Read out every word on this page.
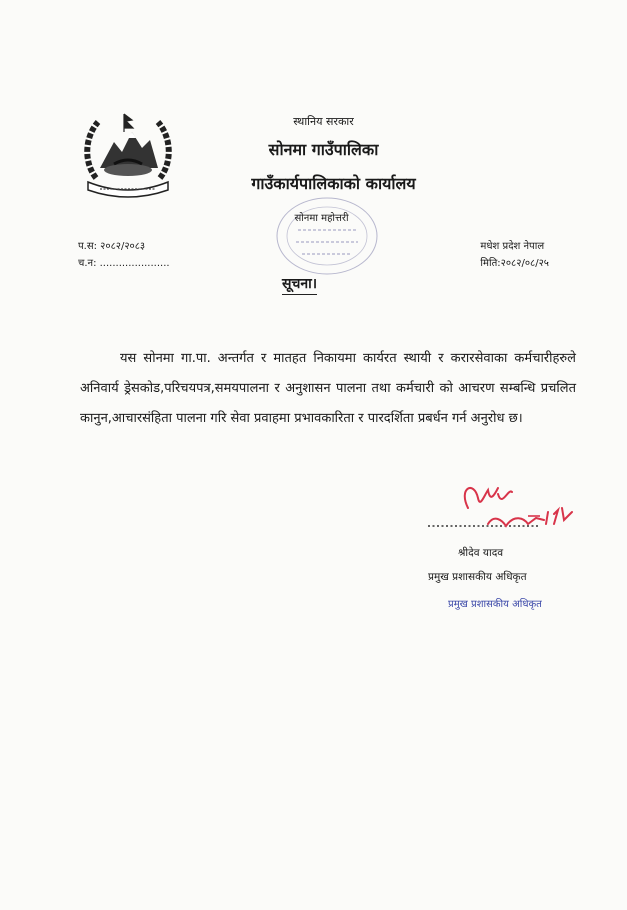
स्थानिय सरकार
सोनमा गाउँपालिका
गाउँकार्यपालिकाको कार्यालय
सोनमा महोत्तरी
प.स: २०८२/२०८३
च.न: ......................
मधेश प्रदेश नेपाल
मिति:२०८२/०८/२५
सूचना।
यस सोनमा गा.पा. अन्तर्गत र मातहत निकायमा कार्यरत स्थायी र करारसेवाका कर्मचारीहरुले अनिवार्य ड्रेसकोड,परिचयपत्र,समयपालना र अनुशासन पालना तथा कर्मचारी को आचरण सम्बन्धि प्रचलित कानुन,आचारसंहिता पालना गरि सेवा प्रवाहमा प्रभावकारिता र पारदर्शिता प्रबर्धन गर्न अनुरोध छ।
श्रीदेव यादव
प्रमुख प्रशासकीय अधिकृत
प्रमुख प्रशासकीय अधिकृत
